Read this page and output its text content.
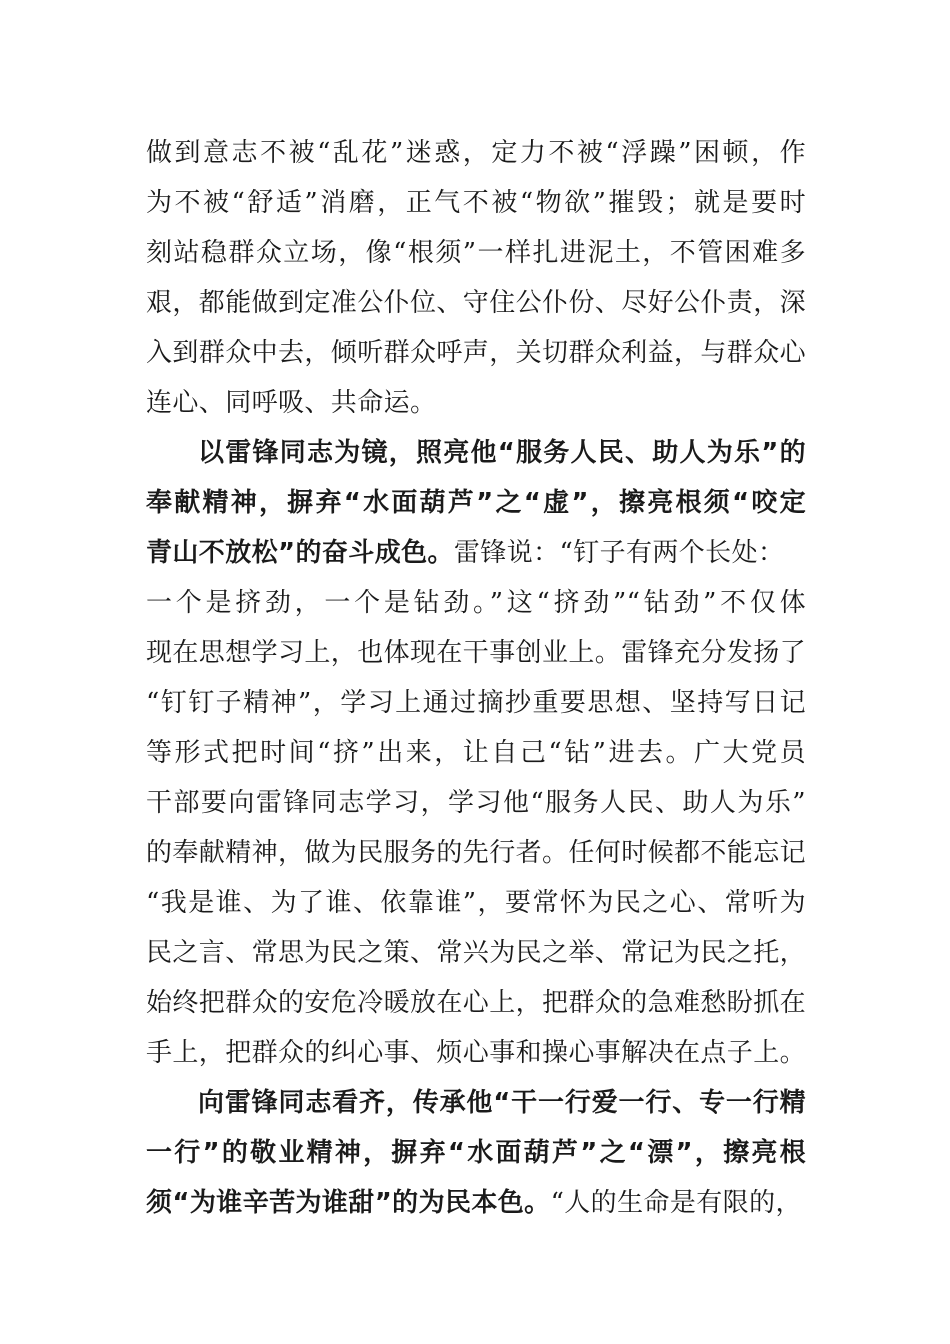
做到意志不被“乱花”迷惑，定力不被“浮躁”困顿，作
为不被“舒适”消磨，正气不被“物欲”摧毁；就是要时
刻站稳群众立场，像“根须”一样扎进泥土，不管困难多
艰，都能做到定准公仆位、守住公仆份、尽好公仆责，深
入到群众中去，倾听群众呼声，关切群众利益，与群众心
连心、同呼吸、共命运。
以雷锋同志为镜，照亮他“服务人民、助人为乐”的
奉献精神，摒弃“水面葫芦”之“虚”，擦亮根须“咬定
青山不放松”的奋斗成色。雷锋说：“钉子有两个长处：
一个是挤劲，一个是钻劲。”这“挤劲”“钻劲”不仅体
现在思想学习上，也体现在干事创业上。雷锋充分发扬了
“钉钉子精神”，学习上通过摘抄重要思想、坚持写日记
等形式把时间“挤”出来，让自己“钻”进去。广大党员
干部要向雷锋同志学习，学习他“服务人民、助人为乐”
的奉献精神，做为民服务的先行者。任何时候都不能忘记
“我是谁、为了谁、依靠谁”，要常怀为民之心、常听为
民之言、常思为民之策、常兴为民之举、常记为民之托，
始终把群众的安危冷暖放在心上，把群众的急难愁盼抓在
手上，把群众的纠心事、烦心事和操心事解决在点子上。
向雷锋同志看齐，传承他“干一行爱一行、专一行精
一行”的敬业精神，摒弃“水面葫芦”之“漂”，擦亮根
须“为谁辛苦为谁甜”的为民本色。“人的生命是有限的，
